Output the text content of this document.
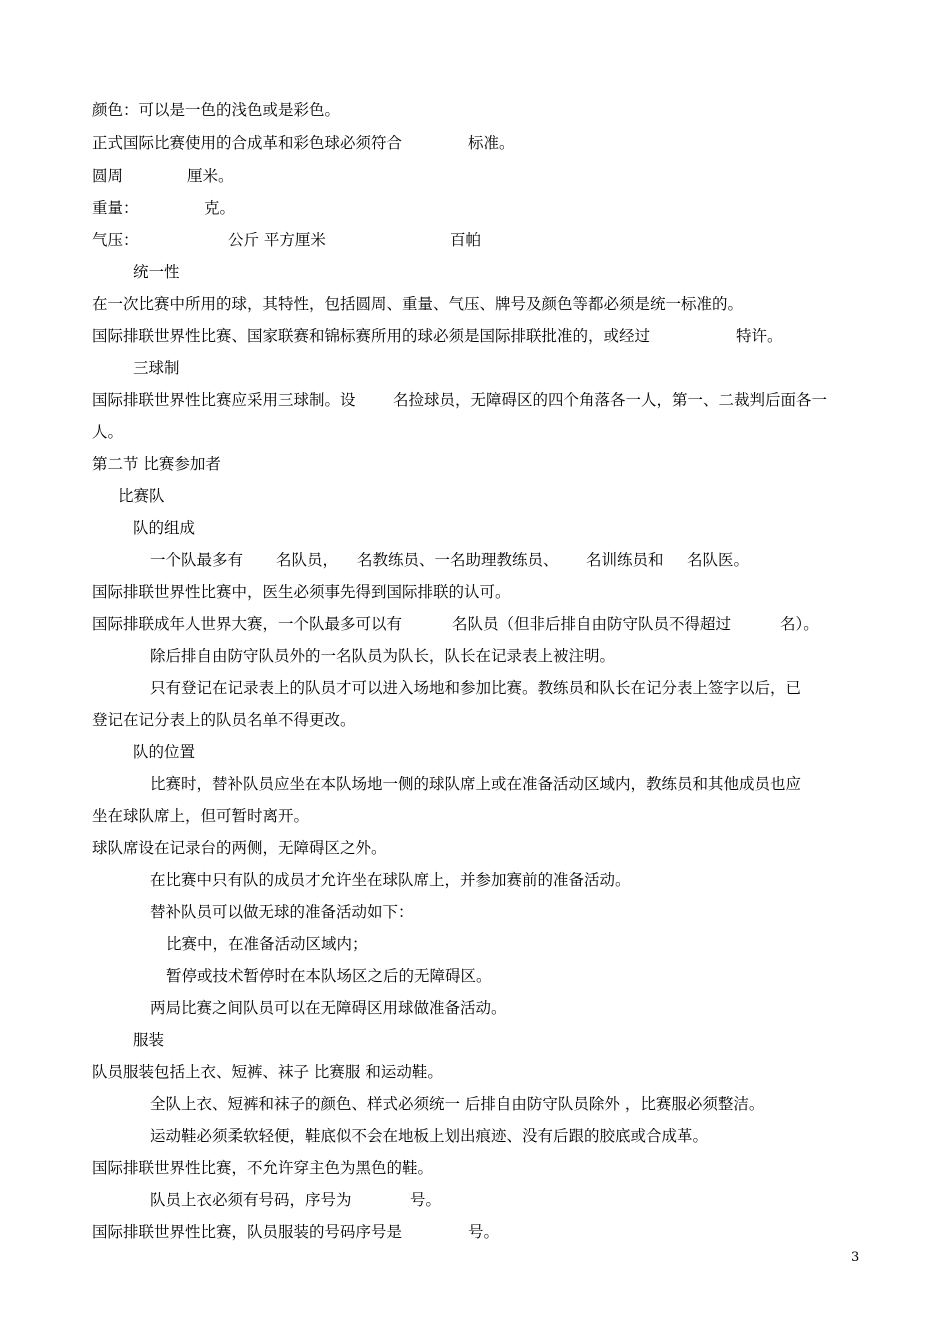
颜色：可以是一色的浅色或是彩色。
正式国际比赛使用的合成革和彩色球必须符合	标准。
圆周	厘米。
重量：	克。
气压：	公斤 平方厘米	百帕
统一性
在一次比赛中所用的球，其特性，包括圆周、重量、气压、牌号及颜色等都必须是统一标准的。
国际排联世界性比赛、国家联赛和锦标赛所用的球必须是国际排联批准的，或经过	特许。
三球制
国际排联世界性比赛应采用三球制。设 名捡球员，无障碍区的四个角落各一人，第一、二裁判后面各一
人。
第二节 比赛参加者
比赛队
队的组成
一个队最多有 名队员， 名教练员、一名助理教练员、 名训练员和 名队医。
国际排联世界性比赛中，医生必须事先得到国际排联的认可。
国际排联成年人世界大赛，一个队最多可以有	名队员（但非后排自由防守队员不得超过	名）。
除后排自由防守队员外的一名队员为队长，队长在记录表上被注明。
只有登记在记录表上的队员才可以进入场地和参加比赛。教练员和队长在记分表上签字以后，已
登记在记分表上的队员名单不得更改。
队的位置
比赛时，替补队员应坐在本队场地一侧的球队席上或在准备活动区域内，教练员和其他成员也应
坐在球队席上，但可暂时离开。
球队席设在记录台的两侧，无障碍区之外。
在比赛中只有队的成员才允许坐在球队席上，并参加赛前的准备活动。
替补队员可以做无球的准备活动如下：
比赛中，在准备活动区域内；
暂停或技术暂停时在本队场区之后的无障碍区。
两局比赛之间队员可以在无障碍区用球做准备活动。
服装
队员服装包括上衣、短裤、袜子 比赛服 和运动鞋。
全队上衣、短裤和袜子的颜色、样式必须统一 后排自由防守队员除外 ，比赛服必须整洁。
运动鞋必须柔软轻便，鞋底似不会在地板上划出痕迹、没有后跟的胶底或合成革。
国际排联世界性比赛，不允许穿主色为黑色的鞋。
队员上衣必须有号码，序号为	号。
国际排联世界性比赛，队员服装的号码序号是	号。
3
